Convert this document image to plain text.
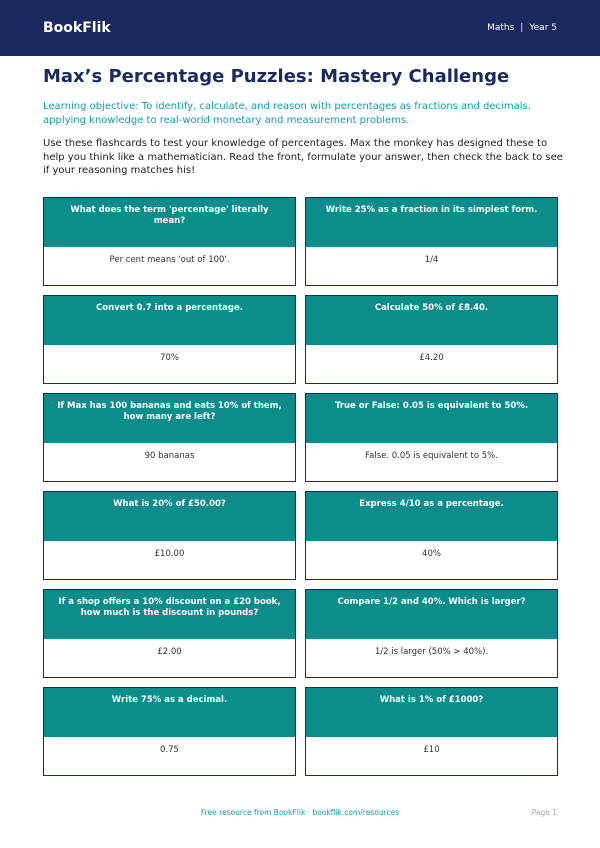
BookFlik	Maths | Year 5
Max’s Percentage Puzzles: Mastery Challenge

Learning objective: To identify, calculate, and reason with percentages as fractions and decimals, applying knowledge to real-world monetary and measurement problems.

Use these flashcards to test your knowledge of percentages. Max the monkey has designed these to help you think like a mathematician. Read the front, formulate your answer, then check the back to see if your reasoning matches his!

What does the term 'percentage' literally mean?
Per cent means 'out of 100'.
Write 25% as a fraction in its simplest form.
1/4
Convert 0.7 into a percentage.
70%
Calculate 50% of £8.40.
£4.20
If Max has 100 bananas and eats 10% of them, how many are left?
90 bananas
True or False: 0.05 is equivalent to 50%.
False. 0.05 is equivalent to 5%.
What is 20% of £50.00?
£10.00
Express 4/10 as a percentage.
40%
If a shop offers a 10% discount on a £20 book, how much is the discount in pounds?
£2.00
Compare 1/2 and 40%. Which is larger?
1/2 is larger (50% > 40%).
Write 75% as a decimal.
0.75
What is 1% of £1000?
£10
Free resource from BookFlik · bookflik.com/resources	Page 1
